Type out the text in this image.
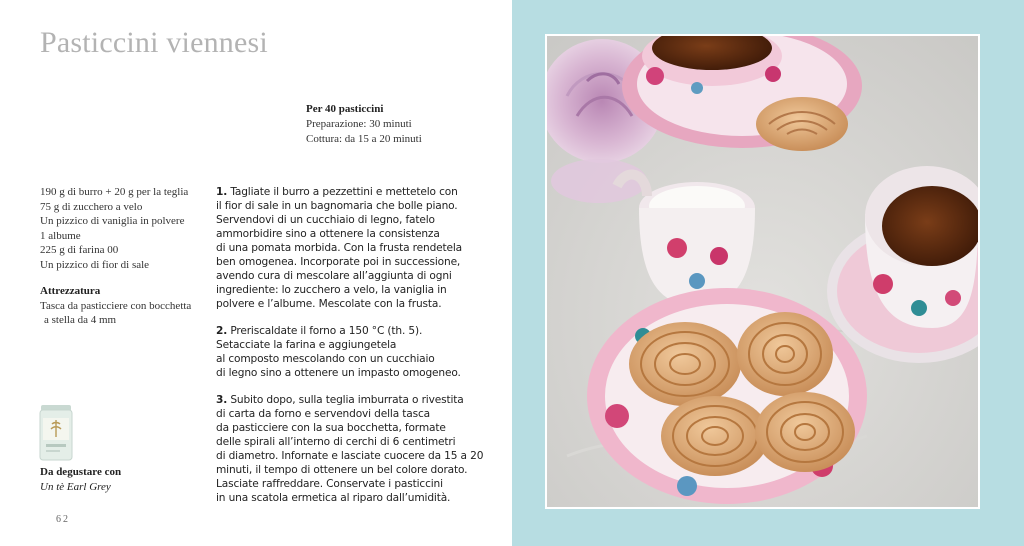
Pasticcini viennesi
Per 40 pasticcini
Preparazione: 30 minuti
Cottura: da 15 a 20 minuti
190 g di burro + 20 g per la teglia
75 g di zucchero a velo
Un pizzico di vaniglia in polvere
1 albume
225 g di farina 00
Un pizzico di fior di sale
Attrezzatura
Tasca da pasticciere con bocchetta
a stella da 4 mm
1. Tagliate il burro a pezzettini e mettetelo con
il fior di sale in un bagnomaria che bolle piano.
Servendovi di un cucchiaio di legno, fatelo
ammorbidire sino a ottenere la consistenza
di una pomata morbida. Con la frusta rendetela
ben omogenea. Incorporate poi in successione,
avendo cura di mescolare all’aggiunta di ogni
ingrediente: lo zucchero a velo, la vaniglia in
polvere e l’albume. Mescolate con la frusta.
2. Preriscaldate il forno a 150 °C (th. 5).
Setacciate la farina e aggiungetela
al composto mescolando con un cucchiaio
di legno sino a ottenere un impasto omogeneo.
3. Subito dopo, sulla teglia imburrata o rivestita
di carta da forno e servendovi della tasca
da pasticciere con la sua bocchetta, formate
delle spirali all’interno di cerchi di 6 centimetri
di diametro. Infornate e lasciate cuocere da 15 a 20
minuti, il tempo di ottenere un bel colore dorato.
Lasciate raffreddare. Conservate i pasticcini
in una scatola ermetica al riparo dall’umidità.
Da degustare con
Un tè Earl Grey
62
